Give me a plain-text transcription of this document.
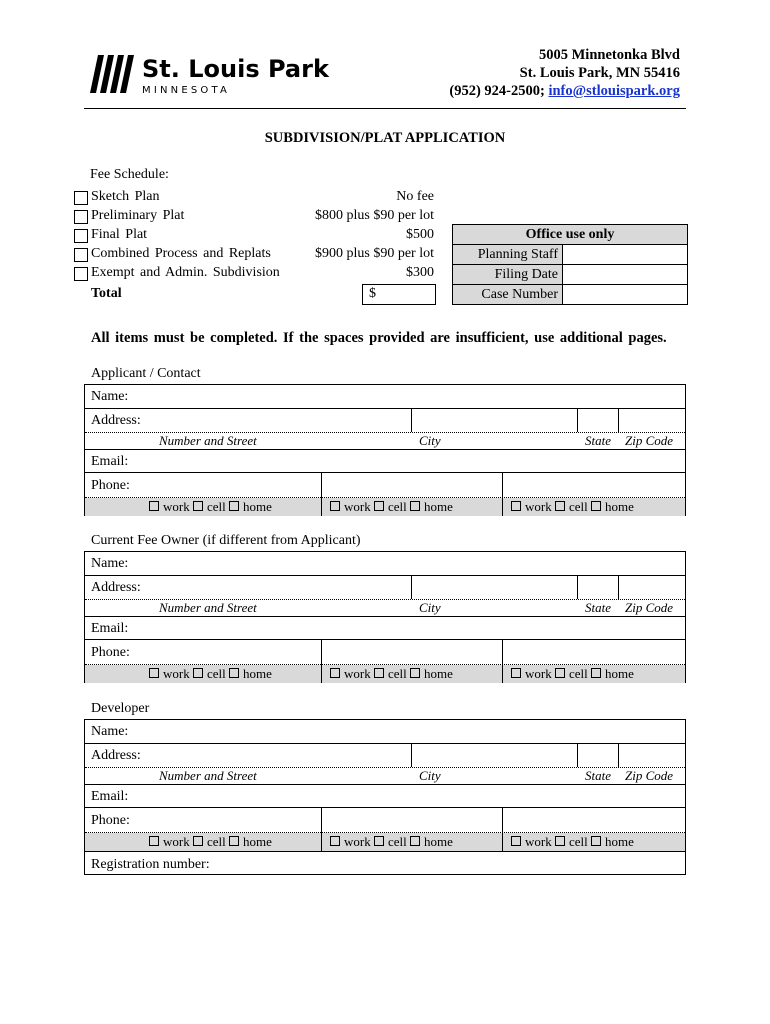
St. Louis Park
MINNESOTA
5005 Minnetonka Blvd
St. Louis Park, MN 55416
(952) 924-2500; info@stlouispark.org
SUBDIVISION/PLAT APPLICATION
Fee Schedule:
Sketch Plan	No fee
Preliminary Plat	$800 plus $90 per lot
Final Plat	$500
Combined Process and Replats	$900 plus $90 per lot
Exempt and Admin. Subdivision	$300
Total	$
Office use only
Planning Staff
Filing Date
Case Number
All items must be completed. If the spaces provided are insufficient, use additional pages.
Applicant / Contact
Name:
Address:
Number and Street	City	State Zip Code
Email:
Phone:
work cell home	work cell home	work cell home
Current Fee Owner (if different from Applicant)
Name:
Address:
Number and Street	City	State Zip Code
Email:
Phone:
work cell home	work cell home	work cell home
Developer
Name:
Address:
Number and Street	City	State Zip Code
Email:
Phone:
work cell home	work cell home	work cell home
Registration number:
